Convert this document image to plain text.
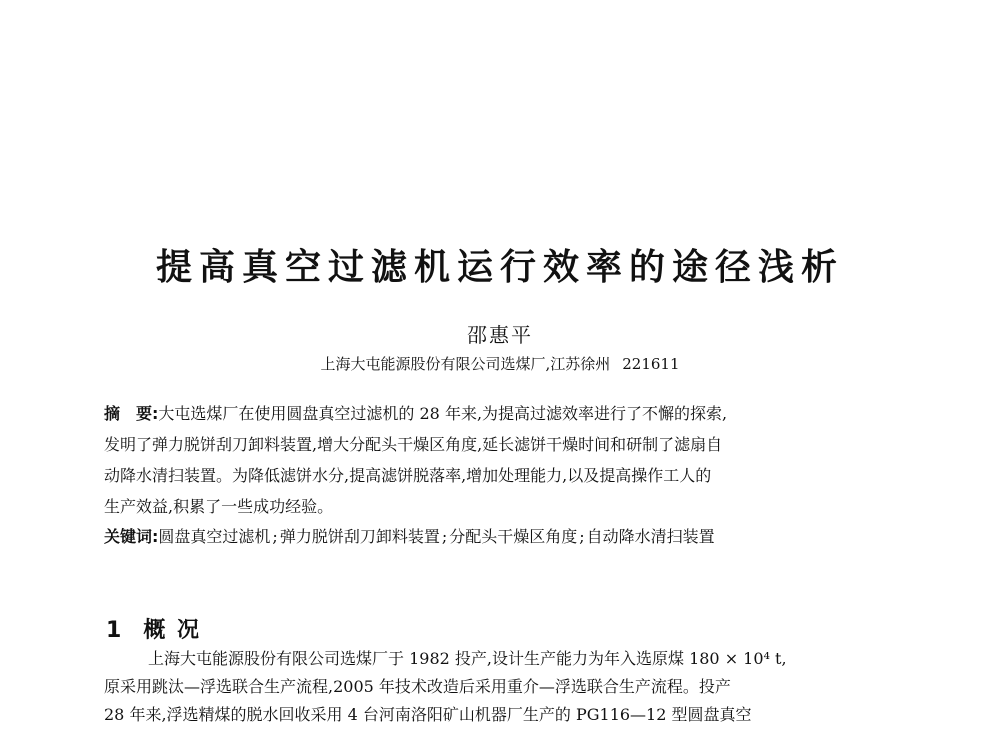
提高真空过滤机运行效率的途径浅析
邵惠平
上海大屯能源股份有限公司选煤厂,江苏徐州 221611
摘　要:大屯选煤厂在使用圆盘真空过滤机的 28 年来,为提高过滤效率进行了不懈的探索,
发明了弹力脱饼刮刀卸料装置,增大分配头干燥区角度,延长滤饼干燥时间和研制了滤扇自
动降水清扫装置。为降低滤饼水分,提高滤饼脱落率,增加处理能力,以及提高操作工人的
生产效益,积累了一些成功经验。
关键词:圆盘真空过滤机 ; 弹力脱饼刮刀卸料装置 ; 分配头干燥区角度 ; 自动降水清扫装置
1 概 况
上海大屯能源股份有限公司选煤厂于 1982 投产,设计生产能力为年入选原煤 180 × 10⁴ t,
原采用跳汰—浮选联合生产流程,2005 年技术改造后采用重介—浮选联合生产流程。投产
28 年来,浮选精煤的脱水回收采用 4 台河南洛阳矿山机器厂生产的 PG116—12 型圆盘真空
